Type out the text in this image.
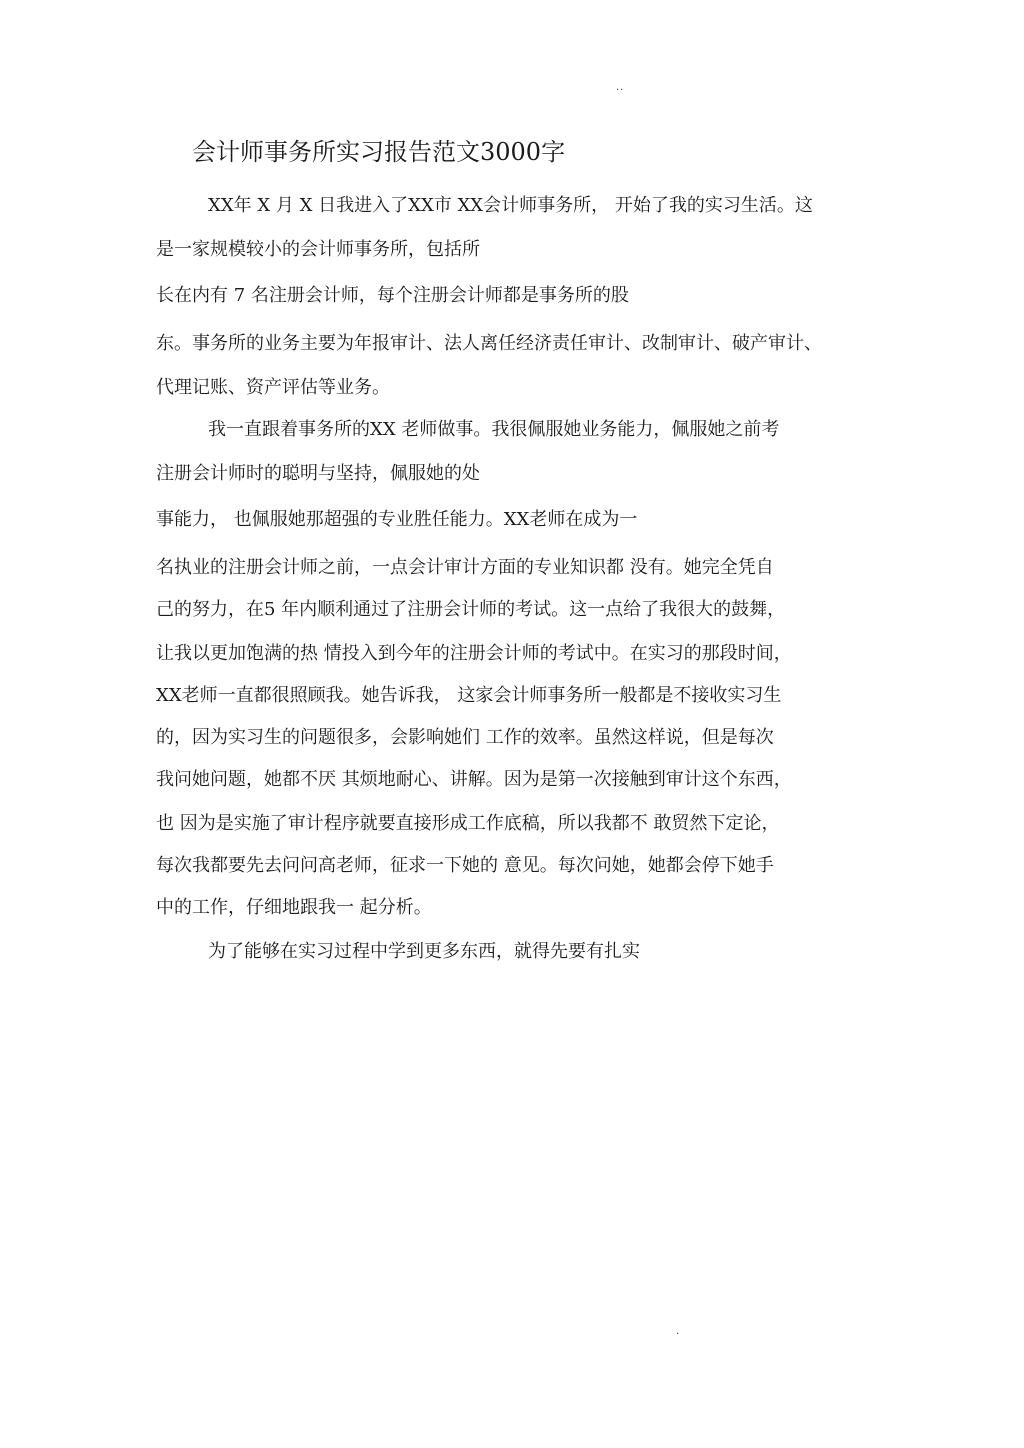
..
会计师事务所实习报告范文3000字
XX年 X 月 X 日我进入了XX市 XX会计师事务所， 开始了我的实习生活。这
是一家规模较小的会计师事务所，包括所
长在内有 7 名注册会计师，每个注册会计师都是事务所的股
东。事务所的业务主要为年报审计、法人离任经济责任审计、改制审计、破产审计、
代理记账、资产评估等业务。
我一直跟着事务所的XX 老师做事。我很佩服她业务能力，佩服她之前考
注册会计师时的聪明与坚持，佩服她的处
事能力， 也佩服她那超强的专业胜任能力。XX老师在成为一
名执业的注册会计师之前，一点会计审计方面的专业知识都 没有。她完全凭自
己的努力，在5 年内顺利通过了注册会计师的考试。这一点给了我很大的鼓舞，
让我以更加饱满的热 情投入到今年的注册会计师的考试中。在实习的那段时间，
XX老师一直都很照顾我。她告诉我， 这家会计师事务所一般都是不接收实习生
的，因为实习生的问题很多，会影响她们 工作的效率。虽然这样说，但是每次
我问她问题，她都不厌 其烦地耐心、讲解。因为是第一次接触到审计这个东西，
也 因为是实施了审计程序就要直接形成工作底稿，所以我都不 敢贸然下定论，
每次我都要先去问问高老师，征求一下她的 意见。每次问她，她都会停下她手
中的工作，仔细地跟我一 起分析。
为了能够在实习过程中学到更多东西，就得先要有扎实
.
